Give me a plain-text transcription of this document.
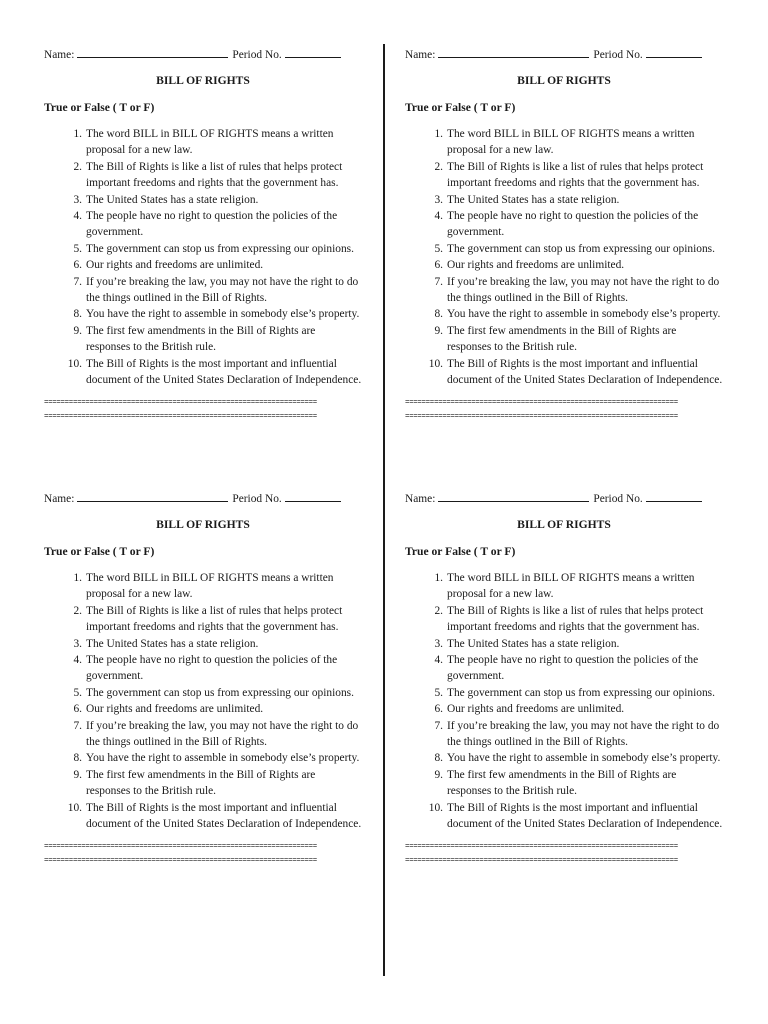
Name:	Period No.
BILL OF RIGHTS
True or False ( T or F)
1. The word BILL in BILL OF RIGHTS means a written proposal for a new law.
2. The Bill of Rights is like a list of rules that helps protect important freedoms and rights that the government has.
3. The United States has a state religion.
4. The people have no right to question the policies of the government.
5. The government can stop us from expressing our opinions.
6. Our rights and freedoms are unlimited.
7. If you’re breaking the law, you may not have the right to do the things outlined in the Bill of Rights.
8. You have the right to assemble in somebody else’s property.
9. The first few amendments in the Bill of Rights are responses to the British rule.
10. The Bill of Rights is the most important and influential document of the United States Declaration of Independence.
==================================================================
==================================================================
Name:	Period No.
BILL OF RIGHTS
True or False ( T or F)
1. The word BILL in BILL OF RIGHTS means a written proposal for a new law.
2. The Bill of Rights is like a list of rules that helps protect important freedoms and rights that the government has.
3. The United States has a state religion.
4. The people have no right to question the policies of the government.
5. The government can stop us from expressing our opinions.
6. Our rights and freedoms are unlimited.
7. If you’re breaking the law, you may not have the right to do the things outlined in the Bill of Rights.
8. You have the right to assemble in somebody else’s property.
9. The first few amendments in the Bill of Rights are responses to the British rule.
10. The Bill of Rights is the most important and influential document of the United States Declaration of Independence.
==================================================================
==================================================================
Name:	Period No.
BILL OF RIGHTS
True or False ( T or F)
1. The word BILL in BILL OF RIGHTS means a written proposal for a new law.
2. The Bill of Rights is like a list of rules that helps protect important freedoms and rights that the government has.
3. The United States has a state religion.
4. The people have no right to question the policies of the government.
5. The government can stop us from expressing our opinions.
6. Our rights and freedoms are unlimited.
7. If you’re breaking the law, you may not have the right to do the things outlined in the Bill of Rights.
8. You have the right to assemble in somebody else’s property.
9. The first few amendments in the Bill of Rights are responses to the British rule.
10. The Bill of Rights is the most important and influential document of the United States Declaration of Independence.
==================================================================
==================================================================
Name:	Period No.
BILL OF RIGHTS
True or False ( T or F)
1. The word BILL in BILL OF RIGHTS means a written proposal for a new law.
2. The Bill of Rights is like a list of rules that helps protect important freedoms and rights that the government has.
3. The United States has a state religion.
4. The people have no right to question the policies of the government.
5. The government can stop us from expressing our opinions.
6. Our rights and freedoms are unlimited.
7. If you’re breaking the law, you may not have the right to do the things outlined in the Bill of Rights.
8. You have the right to assemble in somebody else’s property.
9. The first few amendments in the Bill of Rights are responses to the British rule.
10. The Bill of Rights is the most important and influential document of the United States Declaration of Independence.
==================================================================
==================================================================
